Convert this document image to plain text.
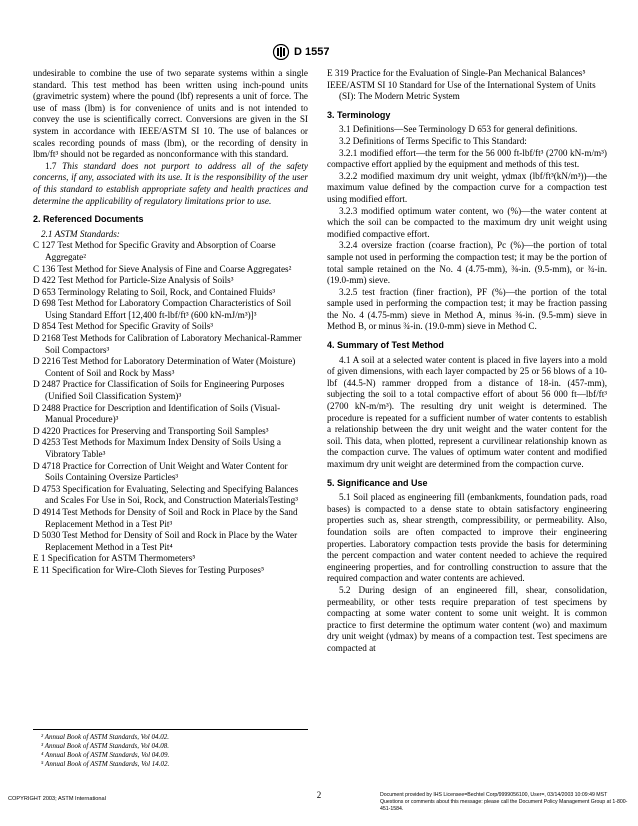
D 1557

undesirable to combine the use of two separate systems within a single standard. This test method has been written using inch-pound units (gravimetric system) where the pound (lbf) represents a unit of force. The use of mass (lbm) is for convenience of units and is not intended to convey the use is scientifically correct. Conversions are given in the SI system in accordance with IEEE/ASTM SI 10. The use of balances or scales recording pounds of mass (lbm), or the recording of density in lbm/ft³ should not be regarded as nonconformance with this standard.

1.7 This standard does not purport to address all of the safety concerns, if any, associated with its use. It is the responsibility of the user of this standard to establish appropriate safety and health practices and determine the applicability of regulatory limitations prior to use.

2. Referenced Documents

2.1 ASTM Standards:

C 127 Test Method for Specific Gravity and Absorption of Coarse Aggregate²

C 136 Test Method for Sieve Analysis of Fine and Coarse Aggregates²

D 422 Test Method for Particle-Size Analysis of Soils³

D 653 Terminology Relating to Soil, Rock, and Contained Fluids³

D 698 Test Method for Laboratory Compaction Characteristics of Soil Using Standard Effort [12,400 ft-lbf/ft³ (600 kN-mJ/m³)]³

D 854 Test Method for Specific Gravity of Soils³

D 2168 Test Methods for Calibration of Laboratory Mechanical-Rammer Soil Compactors³

D 2216 Test Method for Laboratory Determination of Water (Moisture) Content of Soil and Rock by Mass³

D 2487 Practice for Classification of Soils for Engineering Purposes (Unified Soil Classification System)³

D 2488 Practice for Description and Identification of Soils (Visual-Manual Procedure)³

D 4220 Practices for Preserving and Transporting Soil Samples³

D 4253 Test Methods for Maximum Index Density of Soils Using a Vibratory Table³

D 4718 Practice for Correction of Unit Weight and Water Content for Soils Containing Oversize Particles³

D 4753 Specification for Evaluating, Selecting and Specifying Balances and Scales For Use in Soi, Rock, and Construction MaterialsTesting³

D 4914 Test Methods for Density of Soil and Rock in Place by the Sand Replacement Method in a Test Pit³

D 5030 Test Method for Density of Soil and Rock in Place by the Water Replacement Method in a Test Pit⁴

E 1 Specification for ASTM Thermometers⁵

E 11 Specification for Wire-Cloth Sieves for Testing Purposes⁵

² Annual Book of ASTM Standards, Vol 04.02.

³ Annual Book of ASTM Standards, Vol 04.08.

⁴ Annual Book of ASTM Standards, Vol 04.09.

⁵ Annual Book of ASTM Standards, Vol 14.02.

E 319 Practice for the Evaluation of Single-Pan Mechanical Balances⁵

IEEE/ASTM SI 10 Standard for Use of the International System of Units (SI): The Modern Metric System

3. Terminology

3.1 Definitions—See Terminology D 653 for general definitions.

3.2 Definitions of Terms Specific to This Standard:

3.2.1 modified effort—the term for the 56 000 ft-lbf/ft³ (2700 kN-m/m³) compactive effort applied by the equipment and methods of this test.

3.2.2 modified maximum dry unit weight, γdmax (lbf/ft³(kN/m³))—the maximum value defined by the compaction curve for a compaction test using modified effort.

3.2.3 modified optimum water content, wo (%)—the water content at which the soil can be compacted to the maximum dry unit weight using modified compactive effort.

3.2.4 oversize fraction (coarse fraction), Pc (%)—the portion of total sample not used in performing the compaction test; it may be the portion of total sample retained on the No. 4 (4.75-mm), ⅜-in. (9.5-mm), or ¾-in. (19.0-mm) sieve.

3.2.5 test fraction (finer fraction), PF (%)—the portion of the total sample used in performing the compaction test; it may be fraction passing the No. 4 (4.75-mm) sieve in Method A, minus ⅜-in. (9.5-mm) sieve in Method B, or minus ¾-in. (19.0-mm) sieve in Method C.

4. Summary of Test Method

4.1 A soil at a selected water content is placed in five layers into a mold of given dimensions, with each layer compacted by 25 or 56 blows of a 10-lbf (44.5-N) rammer dropped from a distance of 18-in. (457-mm), subjecting the soil to a total compactive effort of about 56 000 ft—lbf/ft³ (2700 kN-m/m³). The resulting dry unit weight is determined. The procedure is repeated for a sufficient number of water contents to establish a relationship between the dry unit weight and the water content for the soil. This data, when plotted, represent a curvilinear relationship known as the compaction curve. The values of optimum water content and modified maximum dry unit weight are determined from the compaction curve.

5. Significance and Use

5.1 Soil placed as engineering fill (embankments, foundation pads, road bases) is compacted to a dense state to obtain satisfactory engineering properties such as, shear strength, compressibility, or permeability. Also, foundation soils are often compacted to improve their engineering properties. Laboratory compaction tests provide the basis for determining the percent compaction and water content needed to achieve the required engineering properties, and for controlling construction to assure that the required compaction and water contents are achieved.

5.2 During design of an engineered fill, shear, consolidation, permeability, or other tests require preparation of test specimens by compacting at some water content to some unit weight. It is common practice to first determine the optimum water content (wo) and maximum dry unit weight (γdmax) by means of a compaction test. Test specimens are compacted at

2
COPYRIGHT 2003; ASTM International
Document provided by IHS Licensee=Bechtel Corp/9999056100, User=, 03/14/2003 10:09:49 MST Questions or comments about this message: please call the Document Policy Management Group at 1-800-451-1584.
